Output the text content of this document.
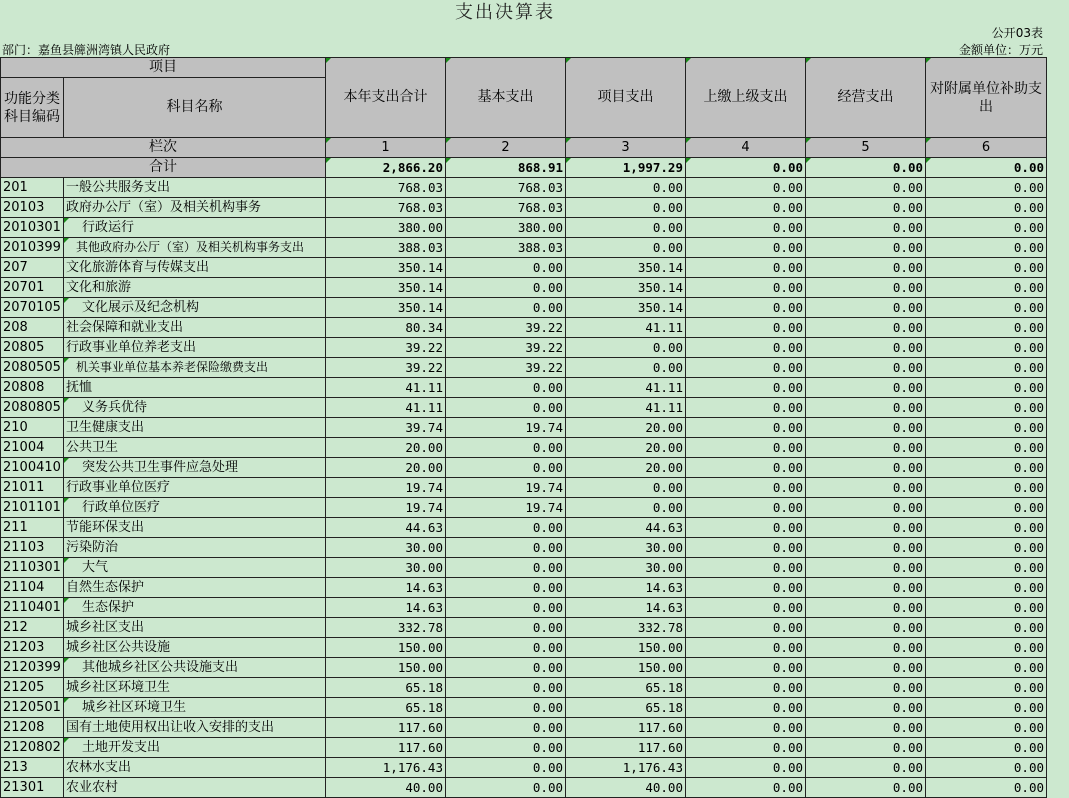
支出决算表
公开03表
部门：嘉鱼县簰洲湾镇人民政府	金额单位：万元
项目		本年支出合计	基本支出	项目支出	上缴上级支出	经营支出	对附属单位补助支出
功能分类科目编码	科目名称						
栏次		1	2	3	4	5	6
合计		2,866.20	868.91	1,997.29	0.00	0.00	0.00
201	一般公共服务支出	768.03	768.03	0.00	0.00	0.00	0.00
20103	政府办公厅（室）及相关机构事务	768.03	768.03	0.00	0.00	0.00	0.00
2010301	行政运行	380.00	380.00	0.00	0.00	0.00	0.00
2010399	其他政府办公厅（室）及相关机构事务支出	388.03	388.03	0.00	0.00	0.00	0.00
207	文化旅游体育与传媒支出	350.14	0.00	350.14	0.00	0.00	0.00
20701	文化和旅游	350.14	0.00	350.14	0.00	0.00	0.00
2070105	文化展示及纪念机构	350.14	0.00	350.14	0.00	0.00	0.00
208	社会保障和就业支出	80.34	39.22	41.11	0.00	0.00	0.00
20805	行政事业单位养老支出	39.22	39.22	0.00	0.00	0.00	0.00
2080505	机关事业单位基本养老保险缴费支出	39.22	39.22	0.00	0.00	0.00	0.00
20808	抚恤	41.11	0.00	41.11	0.00	0.00	0.00
2080805	义务兵优待	41.11	0.00	41.11	0.00	0.00	0.00
210	卫生健康支出	39.74	19.74	20.00	0.00	0.00	0.00
21004	公共卫生	20.00	0.00	20.00	0.00	0.00	0.00
2100410	突发公共卫生事件应急处理	20.00	0.00	20.00	0.00	0.00	0.00
21011	行政事业单位医疗	19.74	19.74	0.00	0.00	0.00	0.00
2101101	行政单位医疗	19.74	19.74	0.00	0.00	0.00	0.00
211	节能环保支出	44.63	0.00	44.63	0.00	0.00	0.00
21103	污染防治	30.00	0.00	30.00	0.00	0.00	0.00
2110301	大气	30.00	0.00	30.00	0.00	0.00	0.00
21104	自然生态保护	14.63	0.00	14.63	0.00	0.00	0.00
2110401	生态保护	14.63	0.00	14.63	0.00	0.00	0.00
212	城乡社区支出	332.78	0.00	332.78	0.00	0.00	0.00
21203	城乡社区公共设施	150.00	0.00	150.00	0.00	0.00	0.00
2120399	其他城乡社区公共设施支出	150.00	0.00	150.00	0.00	0.00	0.00
21205	城乡社区环境卫生	65.18	0.00	65.18	0.00	0.00	0.00
2120501	城乡社区环境卫生	65.18	0.00	65.18	0.00	0.00	0.00
21208	国有土地使用权出让收入安排的支出	117.60	0.00	117.60	0.00	0.00	0.00
2120802	土地开发支出	117.60	0.00	117.60	0.00	0.00	0.00
213	农林水支出	1,176.43	0.00	1,176.43	0.00	0.00	0.00
21301	农业农村	40.00	0.00	40.00	0.00	0.00	0.00
